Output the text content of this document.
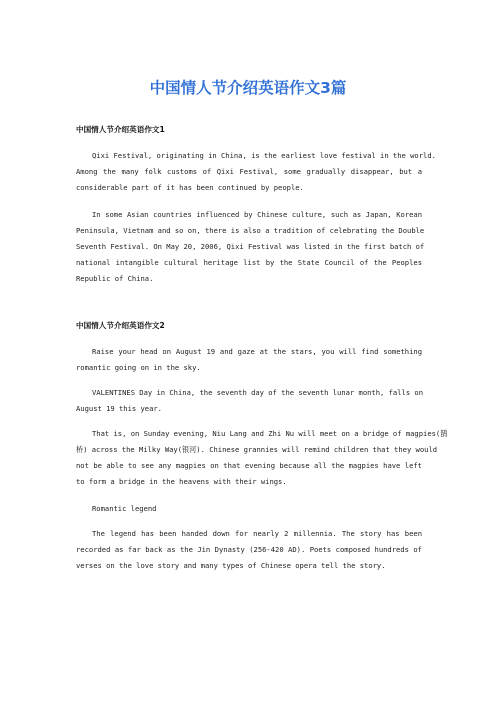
中国情人节介绍英语作文3篇
中国情人节介绍英语作文1

Qixi Festival, originating in China, is the earliest love festival in the world.
Among the many folk customs of Qixi Festival, some gradually disappear, but a
considerable part of it has been continued by people.

In some Asian countries influenced by Chinese culture, such as Japan, Korean
Peninsula, Vietnam and so on, there is also a tradition of celebrating the Double
Seventh Festival. On May 20, 2006, Qixi Festival was listed in the first batch of
national intangible cultural heritage list by the State Council of the Peoples
Republic of China.

中国情人节介绍英语作文2

Raise your head on August 19 and gaze at the stars, you will find something
romantic going on in the sky.

VALENTINES Day in China, the seventh day of the seventh lunar month, falls on
August 19 this year.

That is, on Sunday evening, Niu Lang and Zhi Nu will meet on a bridge of magpies(鹊
桥) across the Milky Way(银河). Chinese grannies will remind children that they would
not be able to see any magpies on that evening because all the magpies have left
to form a bridge in the heavens with their wings.

Romantic legend

The legend has been handed down for nearly 2 millennia. The story has been
recorded as far back as the Jin Dynasty (256-420 AD). Poets composed hundreds of
verses on the love story and many types of Chinese opera tell the story.
